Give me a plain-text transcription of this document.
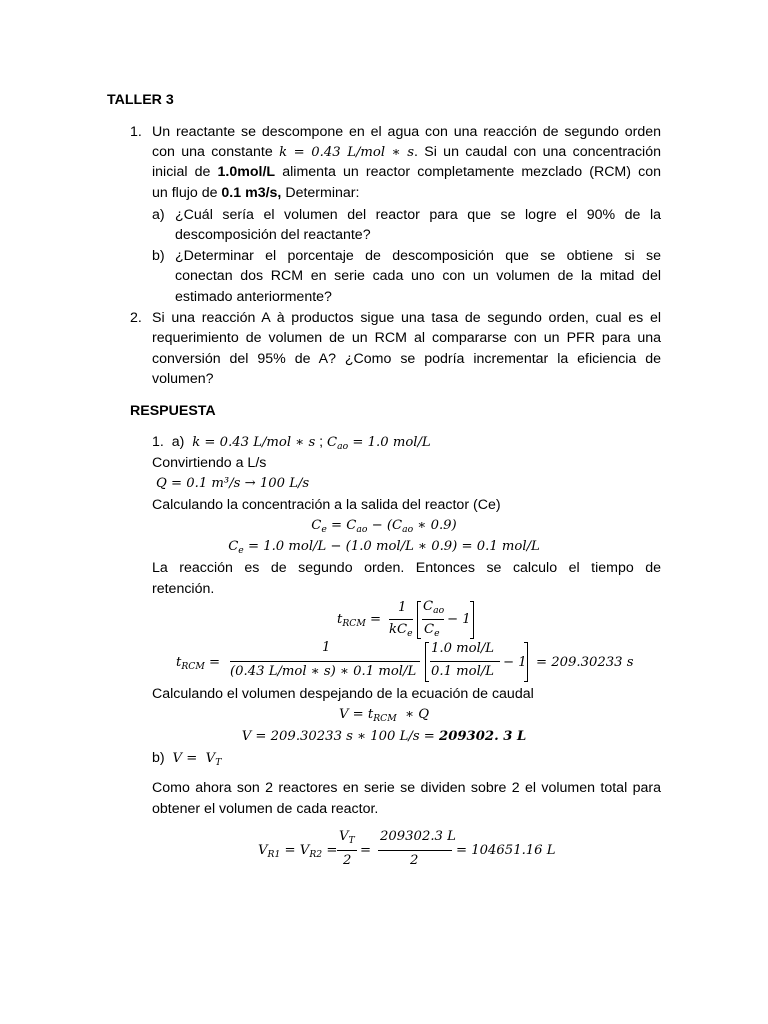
TALLER 3
1. Un reactante se descompone en el agua con una reacción de segundo orden
con una constante k = 0.43 L/mol ∗ s. Si un caudal con una concentración
inicial de 1.0mol/L alimenta un reactor completamente mezclado (RCM) con
un flujo de 0.1 m3/s, Determinar:
a) ¿Cuál sería el volumen del reactor para que se logre el 90% de la
descomposición del reactante?
b) ¿Determinar el porcentaje de descomposición que se obtiene si se
conectan dos RCM en serie cada uno con un volumen de la mitad del
estimado anteriormente?
2. Si una reacción A à productos sigue una tasa de segundo orden, cual es el
requerimiento de volumen de un RCM al compararse con un PFR para una
conversión del 95% de A? ¿Como se podría incrementar la eficiencia de
volumen?
RESPUESTA
1. a) k = 0.43 L/mol ∗ s ; $C_{ao} = 1.0$ mol/L
Convirtiendo a L/s
Q = 0.1 m³/s → 100 L/s
Calculando la concentración a la salida del reactor (Ce)
$C_e = C_{ao} - (C_{ao}$ ∗ 0.9)
$C_e = 1.0$ mol/L − (1.0 mol/L ∗ 0.9) = 0.1 mol/L
La reacción es de segundo orden. Entonces se calculo el tiempo de
retención.
$t_{RCM}$ =
1
$kC_e$
$C_{ao}$
$C_e$
− 1
$t_{RCM}$ =
1
(0.43 L/mol ∗ s) ∗ 0.1 mol/L
1.0 mol/L
0.1 mol/L
− 1 = 209.30233 s
Calculando el volumen despejando de la ecuación de caudal
$V = t_{RCM}$  ∗ Q
V = 209.30233 s ∗ 100 L/s = 209302. 3 L
b) $V = V_T$
Como ahora son 2 reactores en serie se dividen sobre 2 el volumen total para
obtener el volumen de cada reactor.
$V_{R1} = V_{R2}$ =
$V_T$
2
=
209302.3 L
2
= 104651.16 L
